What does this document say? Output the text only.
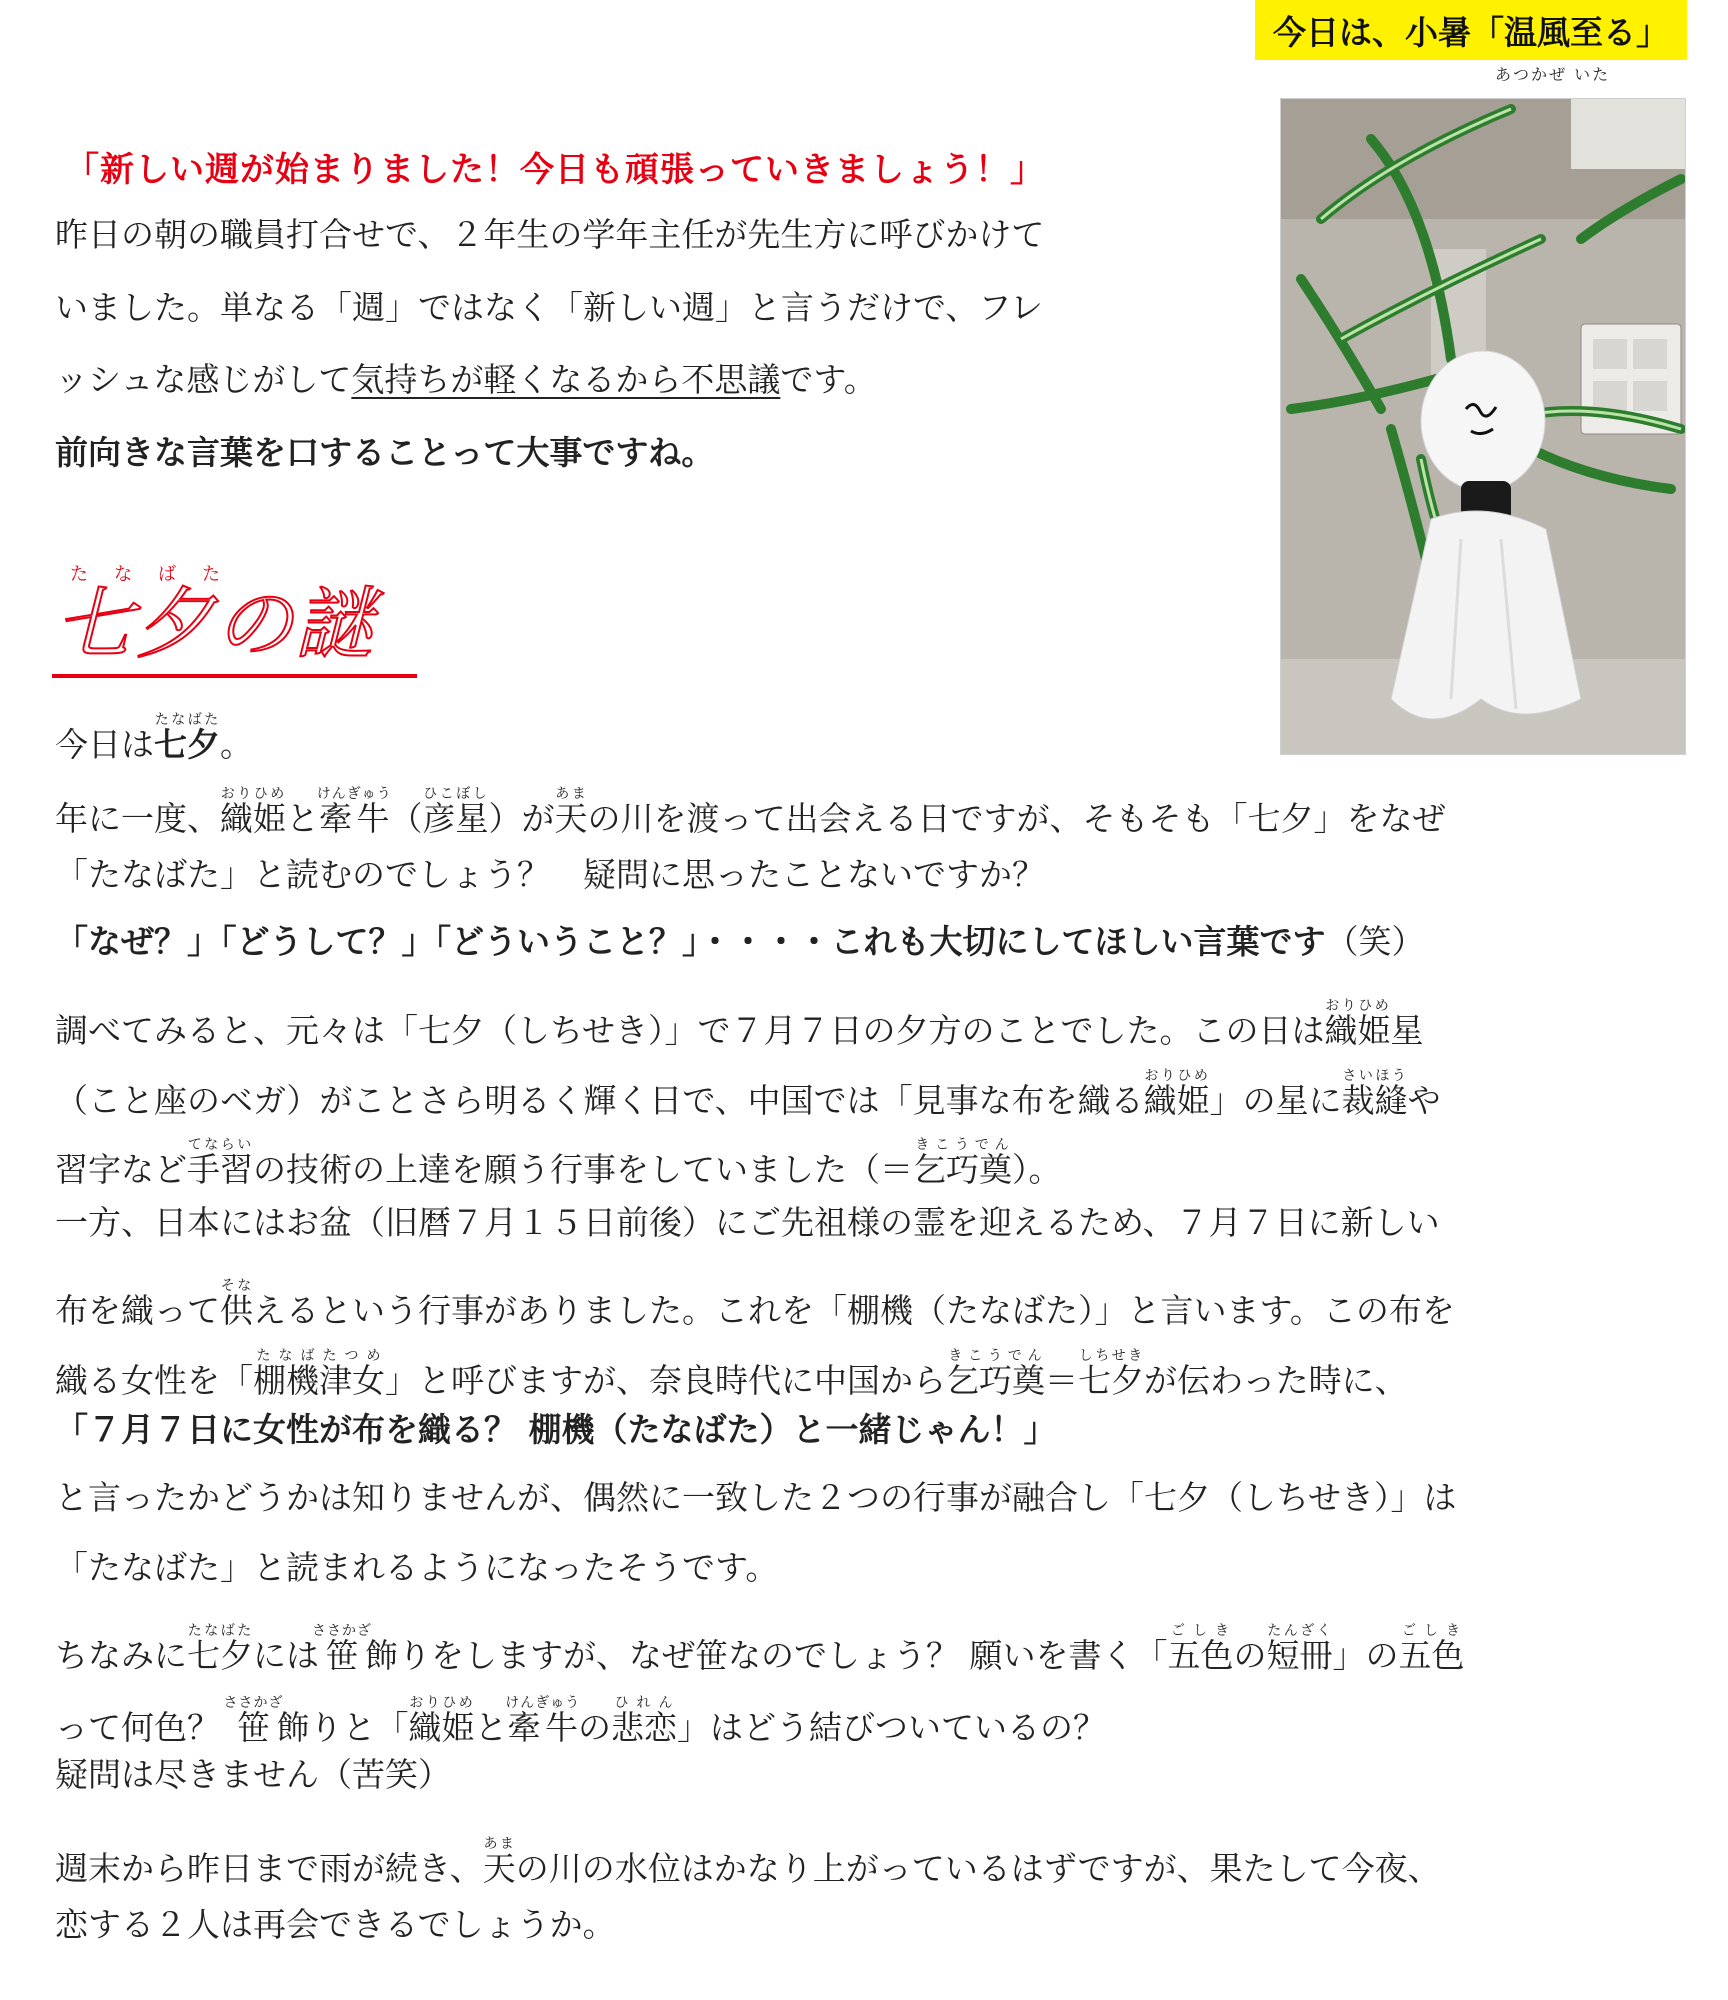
今日は、小暑「温風至る」
あつかぜ いた
「新しい週が始まりました！今日も頑張っていきましょう！」
昨日の朝の職員打合せで、２年生の学年主任が先生方に呼びかけて
いました。単なる「週」ではなく「新しい週」と言うだけで、フレ
ッシュな感じがして気持ちが軽くなるから不思議です。
前向きな言葉を口することって大事ですね。
たなばた
七夕の謎
今日は七夕たなばた。
年に一度、織姫おりひめと牽牛けんぎゅう（彦星ひこぼし）が天あまの川を渡って出会える日ですが、そもそも「七夕」をなぜ
「たなばた」と読むのでしょう？　疑問に思ったことないですか？
「なぜ？」「どうして？」「どういうこと？」・・・・これも大切にしてほしい言葉です（笑）
調べてみると、元々は「七夕（しちせき）」で７月７日の夕方のことでした。この日は織姫おりひめ星
（こと座のベガ）がことさら明るく輝く日で、中国では「見事な布を織る織姫おりひめ」の星に裁縫さいほうや
習字など手習てならいの技術の上達を願う行事をしていました（＝乞巧奠きこうでん）。
一方、日本にはお盆（旧暦７月１５日前後）にご先祖様の霊を迎えるため、７月７日に新しい
布を織って供そなえるという行事がありました。これを「棚機（たなばた）」と言います。この布を
織る女性を「棚機津女たなばたつめ」と呼びますが、奈良時代に中国から乞巧奠きこうでん＝七夕しちせきが伝わった時に、
「７月７日に女性が布を織る？ 棚機（たなばた）と一緒じゃん！」
と言ったかどうかは知りませんが、偶然に一致した２つの行事が融合し「七夕（しちせき）」は
「たなばた」と読まれるようになったそうです。
ちなみに七夕たなばたには笹ささかざ飾りをしますが、なぜ笹なのでしょう？ 願いを書く「五色ごしきの短冊たんざく」の五色ごしき
って何色？ 笹ささかざ飾りと「織姫おりひめと牽牛けんぎゅうの悲恋ひれん」はどう結びついているの？
疑問は尽きません（苦笑）
週末から昨日まで雨が続き、天あまの川の水位はかなり上がっているはずですが、果たして今夜、
恋する２人は再会できるでしょうか。
